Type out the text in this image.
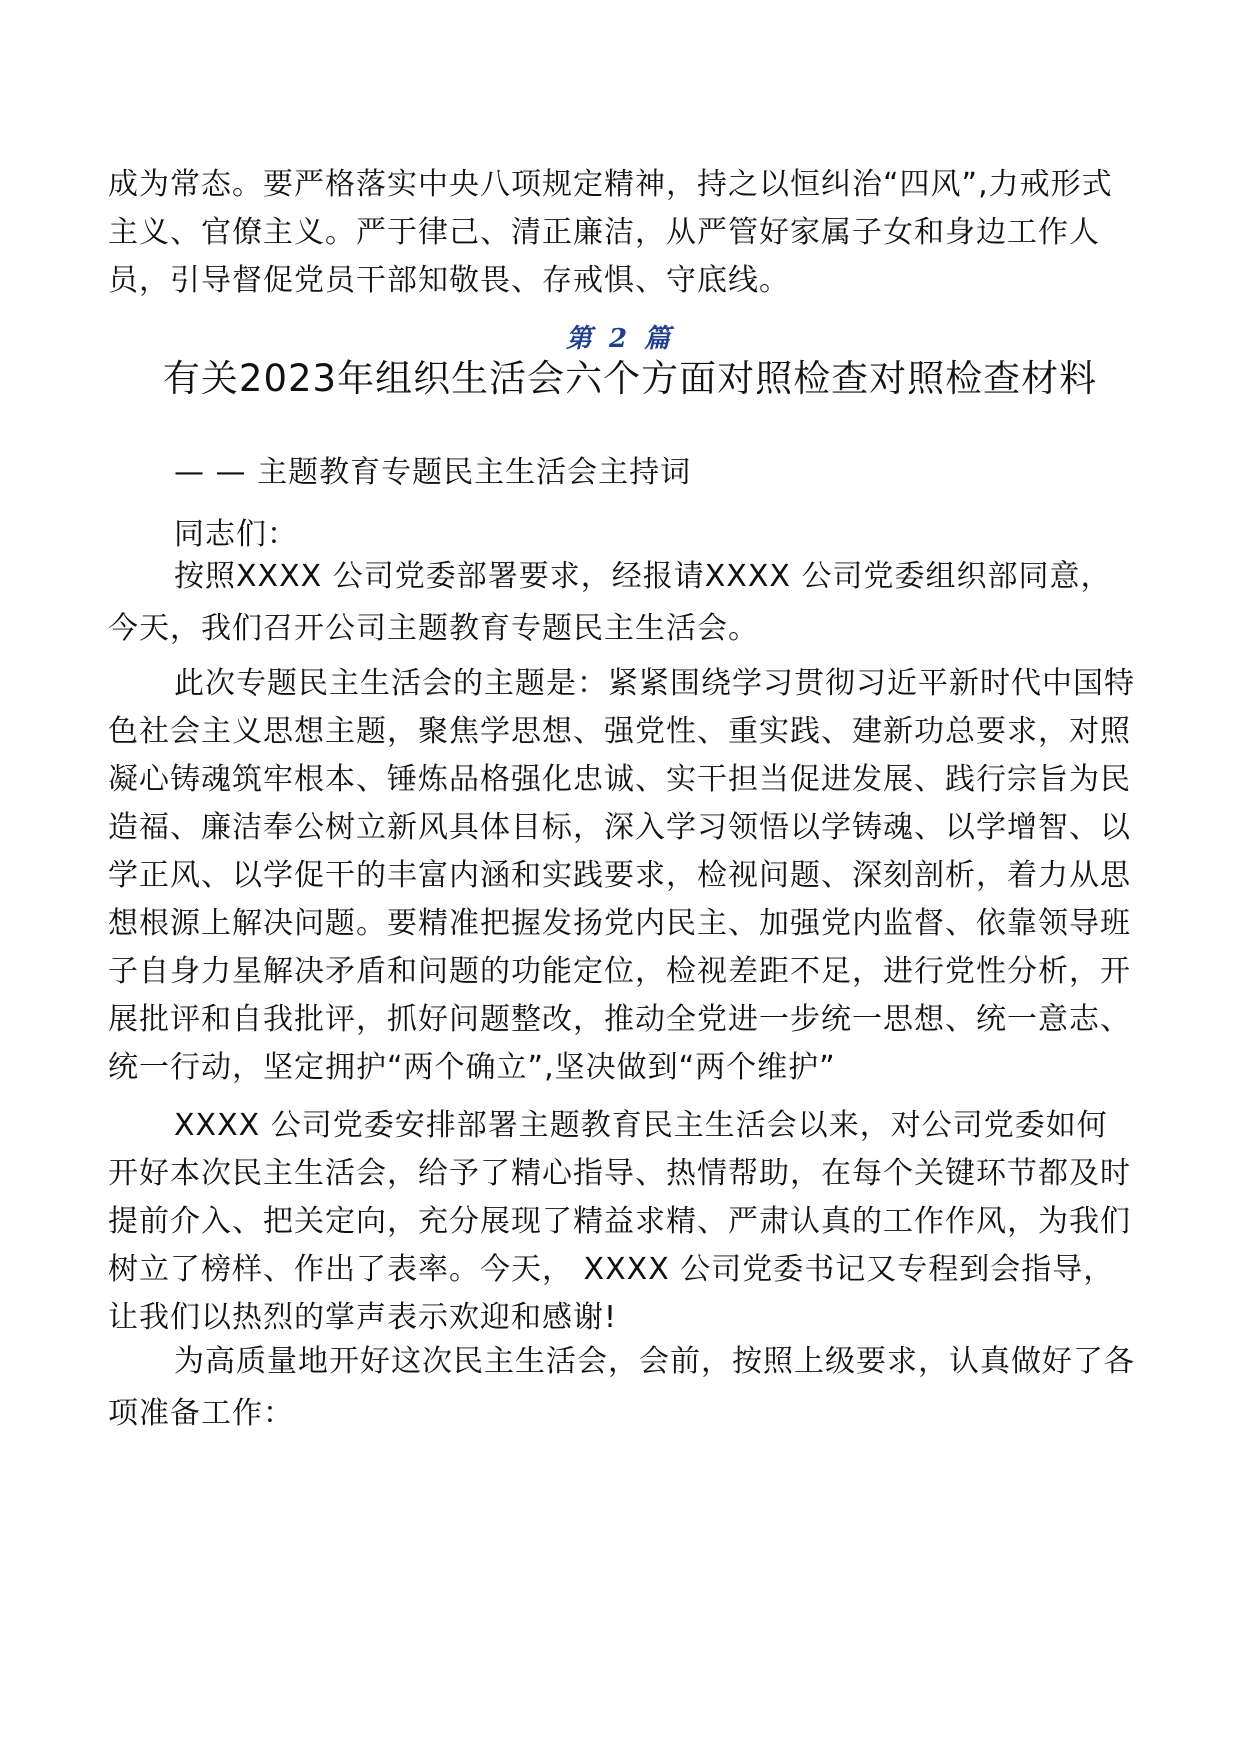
成为常态。要严格落实中央八项规定精神，持之以恒纠治“四风”,力戒形式主义、官僚主义。严于律己、清正廉洁，从严管好家属子女和身边工作人员，引导督促党员干部知敬畏、存戒惧、守底线。

第 2 篇
有关2023年组织生活会六个方面对照检查对照检查材料
— — 主题教育专题民主生活会主持词
同志们：

按照XXXX 公司党委部署要求，经报请XXXX 公司党委组织部同意，今天，我们召开公司主题教育专题民主生活会。

此次专题民主生活会的主题是：紧紧围绕学习贯彻习近平新时代中国特色社会主义思想主题，聚焦学思想、强党性、重实践、建新功总要求，对照凝心铸魂筑牢根本、锤炼品格强化忠诚、实干担当促进发展、践行宗旨为民造福、廉洁奉公树立新风具体目标，深入学习领悟以学铸魂、以学增智、以学正风、以学促干的丰富内涵和实践要求，检视问题、深刻剖析，着力从思想根源上解决问题。要精准把握发扬党内民主、加强党内监督、依靠领导班子自身力星解决矛盾和问题的功能定位，检视差距不足，进行党性分析，开展批评和自我批评，抓好问题整改，推动全党进一步统一思想、统一意志、统一行动，坚定拥护“两个确立”,坚决做到“两个维护”

XXXX 公司党委安排部署主题教育民主生活会以来，对公司党委如何开好本次民主生活会，给予了精心指导、热情帮助，在每个关键环节都及时提前介入、把关定向，充分展现了精益求精、严肃认真的工作作风，为我们树立了榜样、作出了表率。今天， XXXX 公司党委书记又专程到会指导，让我们以热烈的掌声表示欢迎和感谢!

为高质量地开好这次民主生活会，会前，按照上级要求，认真做好了各项准备工作：
